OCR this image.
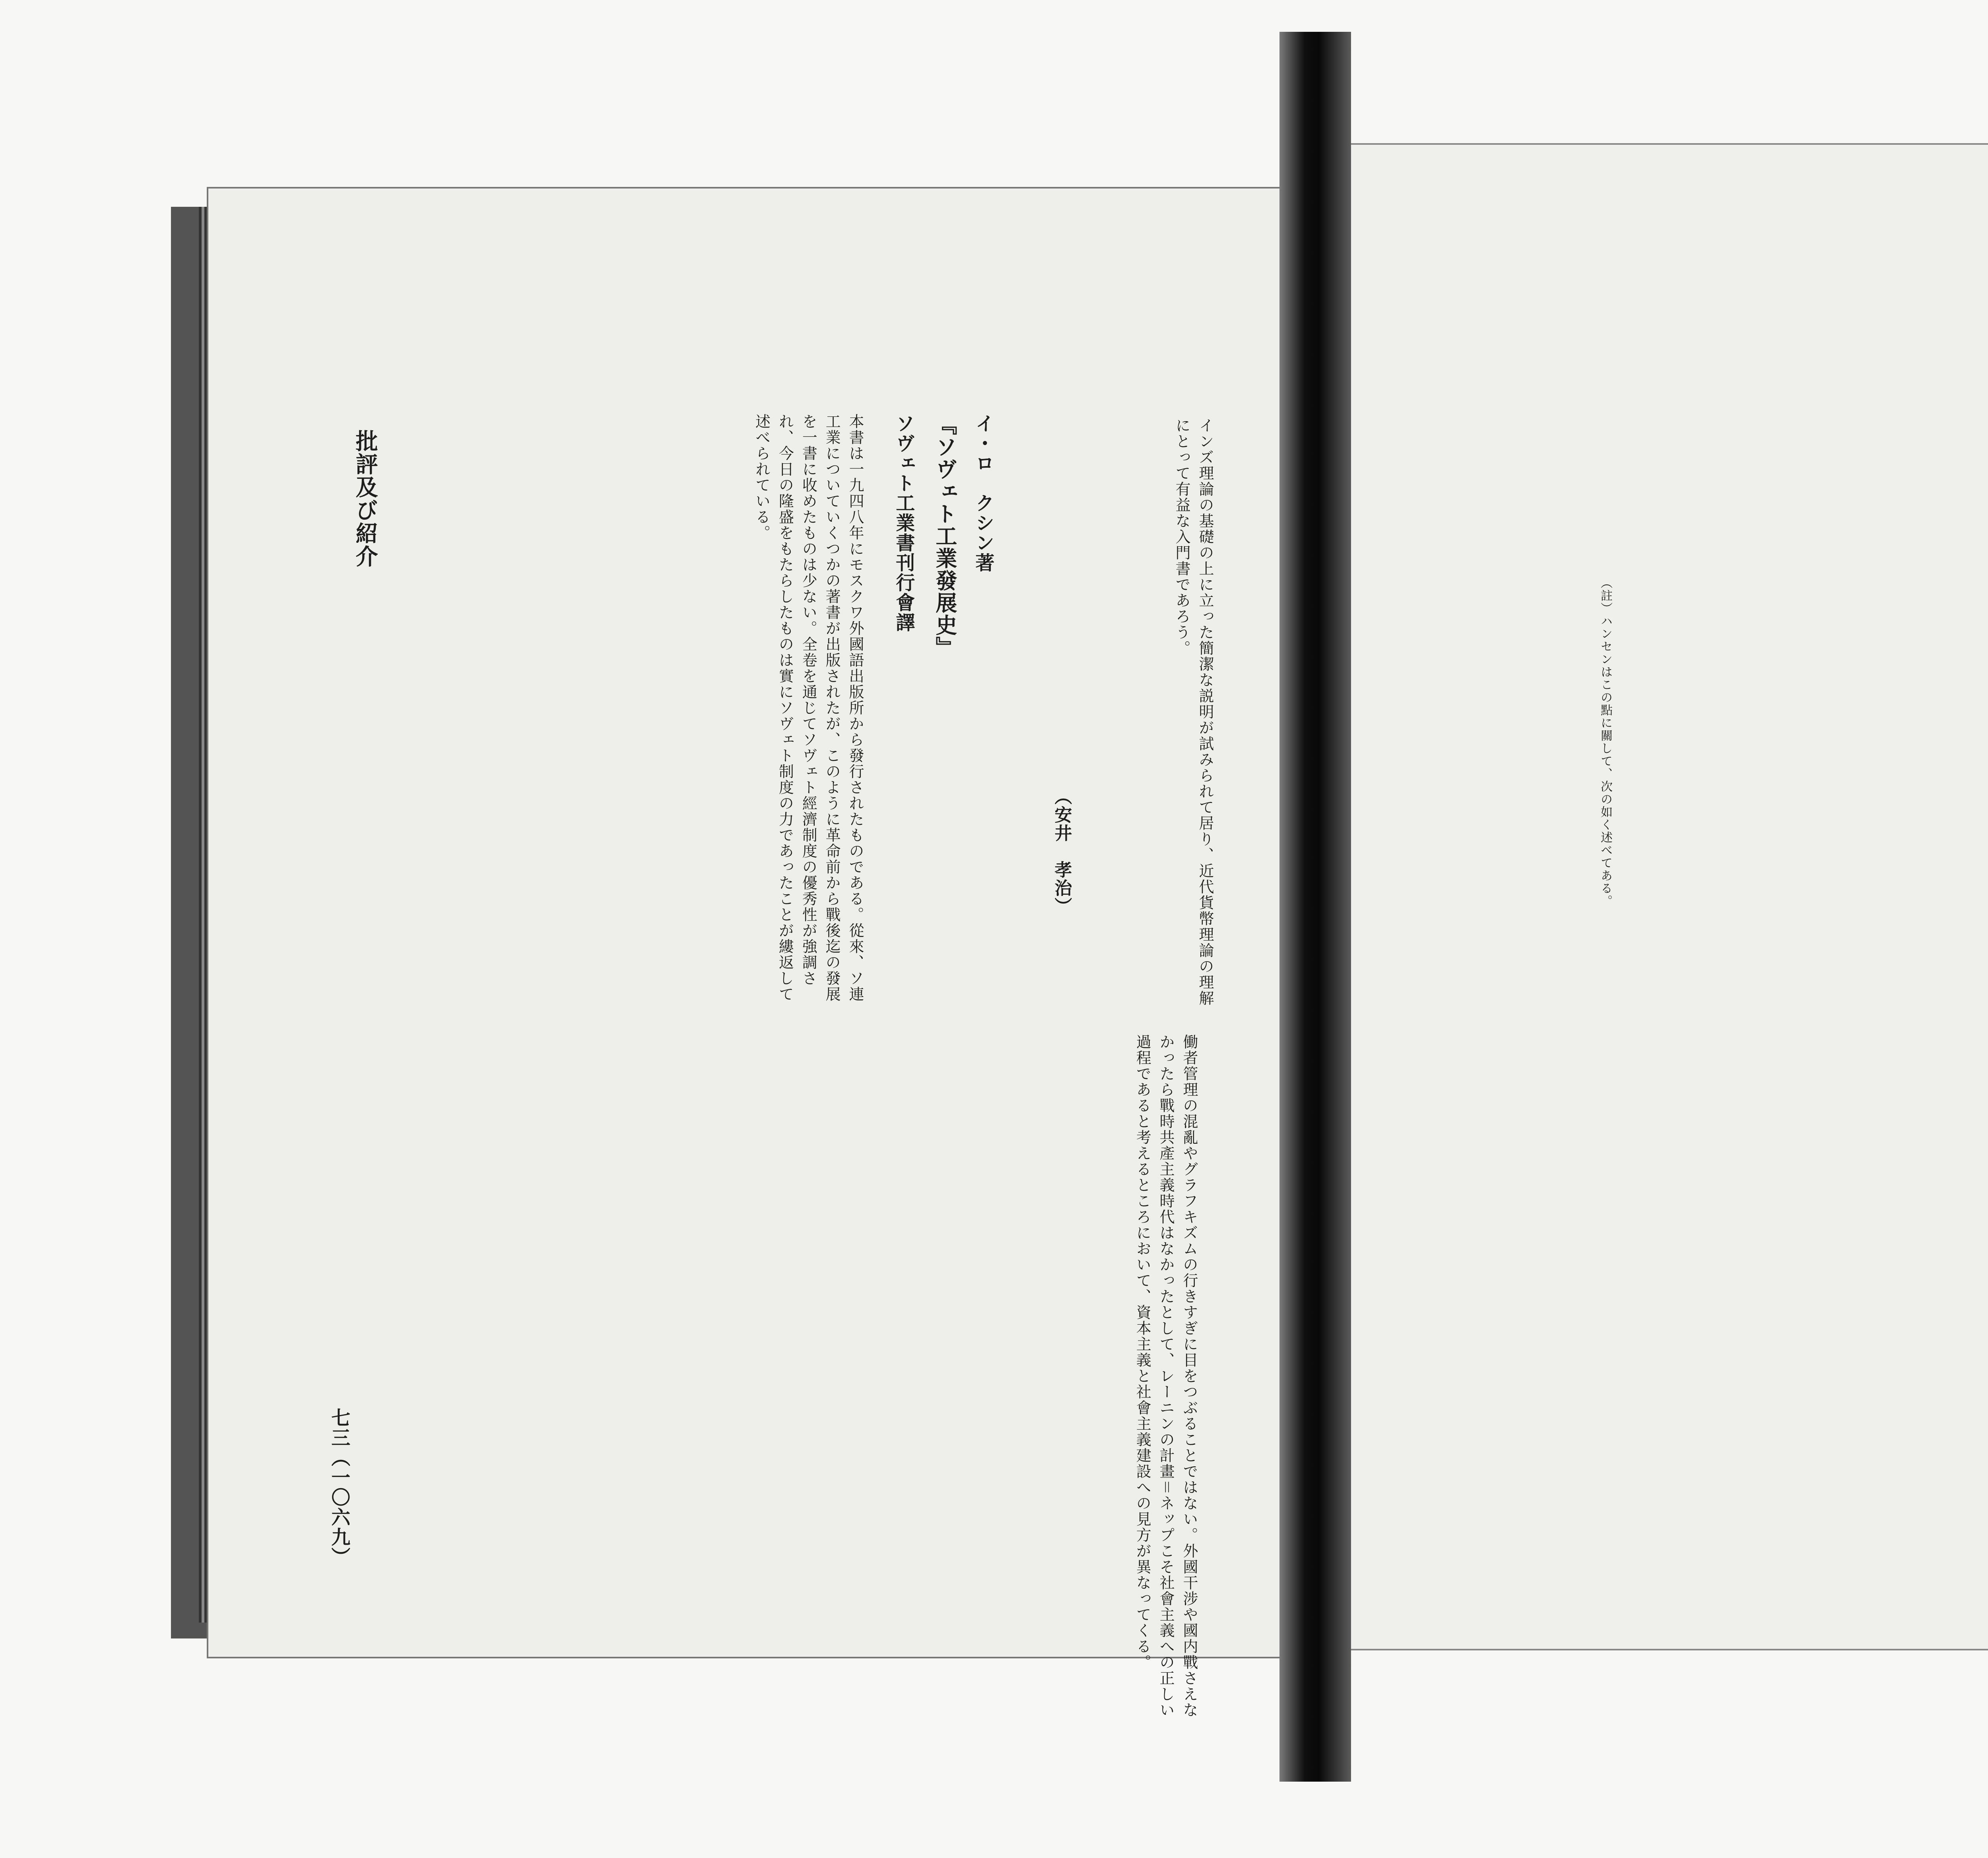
（註）ハンセンはこの點に關して、次の如く述べてある。
インズ理論の基礎の上に立った簡潔な説明が試みられて居り、近代貨幣理論の理解にとって有益な入門書であろう。
（安井　孝治）
イ・ロ　クシン著
『ソヴェト工業發展史』
ソヴェト工業書刊行會譯
本書は一九四八年にモスクワ外國語出版所から發行されたものである。從來、ソ連工業についていくつかの著書が出版されたが、このように革命前から戰後迄の發展を一書に收めたものは少ない。全卷を通じてソヴェト經濟制度の優秀性が強調され、今日の隆盛をもたらしたものは實にソヴェト制度の力であったことが縷返して述べられている。
批評及び紹介
働者管理の混亂やグラフキズムの行きすぎに目をつぶることではない。外國干涉や國内戰さえなかったら戰時共產主義時代はなかったとして、レーニンの計畫＝ネップこそ社會主義への正しい過程であると考えるところにおいて、資本主義と社會主義建設への見方が異なってくる。
七三（一〇六九）
